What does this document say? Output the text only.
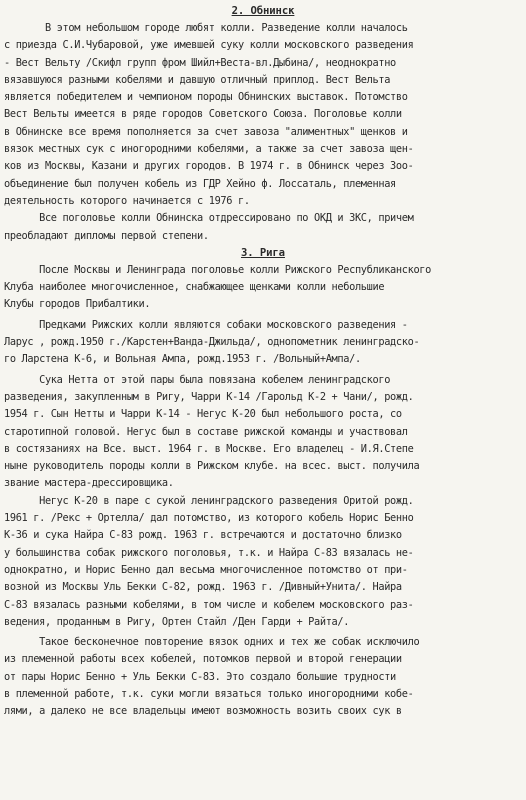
2. Обнинск

В этом небольшом городе любят колли. Разведение колли началось
с приезда С.И.Чубаровой, уже имевшей суку колли московского разведения
- Вест Вельту /Скифл групп фром Шийл+Веста-вл.Дыбина/, неоднократно
вязавшуюся разными кобелями и давшую отличный приплод. Вест Вельта
является победителем и чемпионом породы Обнинских выставок. Потомство
Вест Вельты имеется в ряде городов Советского Союза. Поголовье колли
в Обнинске все время пополняется за счет завоза "алиментных" щенков и
вязок местных сук с иногородними кобелями, а также за счет завоза щен-
ков из Москвы, Казани и других городов. В 1974 г. в Обнинск через Зоо-
объединение был получен кобель из ГДР Хейно ф. Лоссаталь, племенная
деятельность которого начинается с 1976 г.

Все поголовье колли Обнинска отдрессировано по ОКД и ЗКС, причем
преобладают дипломы первой степени.

3. Рига

После Москвы и Ленинграда поголовье колли Рижского Республиканского
Клуба наиболее многочисленное, снабжающее щенками колли небольшие
Клубы городов Прибалтики.

Предками Рижских колли являются собаки московского разведения -
Ларус , рожд.1950 г./Карстен+Ванда-Джильда/, однопометник ленинградско-
го Ларстена К-6, и Вольная Ампа, рожд.1953 г. /Вольный+Ампа/.

Сука Нетта от этой пары была повязана кобелем ленинградского
разведения, закупленным в Ригу, Чарри К-14 /Гарольд К-2 + Чани/, рожд.
1954 г. Сын Нетты и Чарри К-14 - Негус К-20 был небольшого роста, со
старотипной головой. Негус был в составе рижской команды и участвовал
в состязаниях на Все. выст. 1964 г. в Москве. Его владелец - И.Я.Степе
ныне руководитель породы колли в Рижском клубе. на всес. выст. получила
звание мастера-дрессировщика.

Негус К-20 в паре с сукой ленинградского разведения Оритой рожд.
1961 г. /Рекс + Ортелла/ дал потомство, из которого кобель Норис Бенно
К-36 и сука Найра С-83 рожд. 1963 г. встречаются и достаточно близко
у большинства собак рижского поголовья, т.к. и Найра С-83 вязалась не-
однократно, и Норис Бенно дал весьма многочисленное потомство от при-
возной из Москвы Уль Бекки С-82, рожд. 1963 г. /Дивный+Унита/. Найра
С-83 вязалась разными кобелями, в том числе и кобелем московского раз-
ведения, проданным в Ригу, Ортен Стайл /Ден Гарди + Райта/.

Такое бесконечное повторение вязок одних и тех же собак исключило
из племенной работы всех кобелей, потомков первой и второй генерации
от пары Норис Бенно + Уль Бекки С-83. Это создало большие трудности
в племенной работе, т.к. суки могли вязаться только иногородними кобе-
лями, а далеко не все владельцы имеют возможность возить своих сук в
